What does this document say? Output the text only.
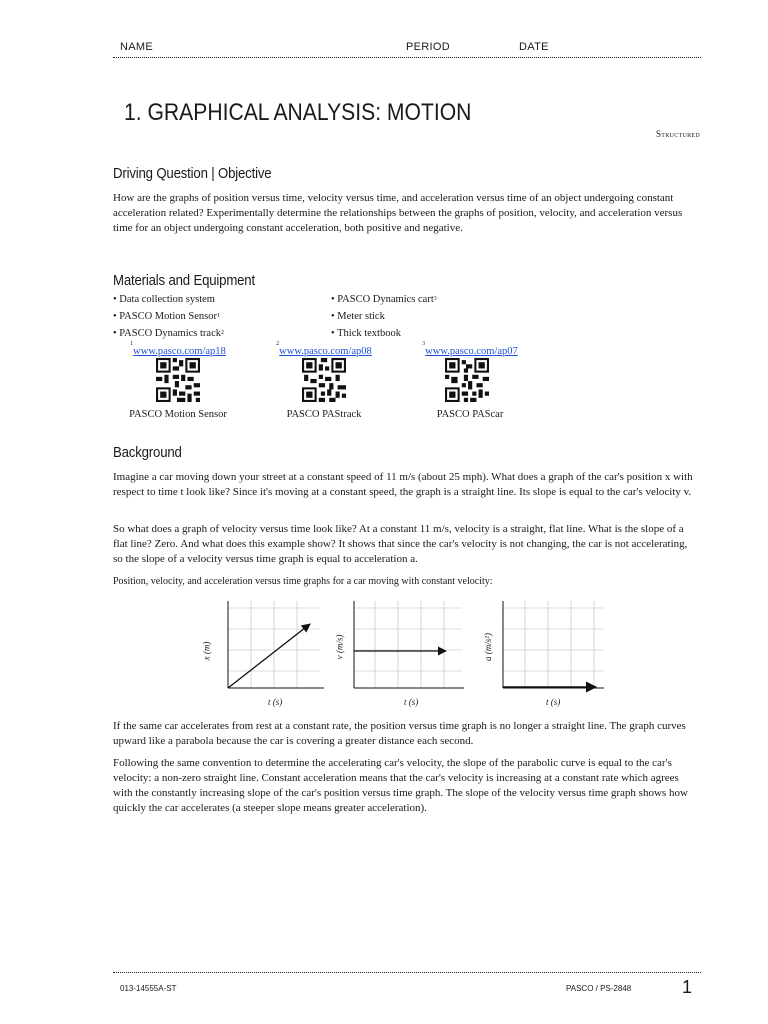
NAME	PERIOD	DATE
1. GRAPHICAL ANALYSIS: MOTION
Structured
Driving Question | Objective
How are the graphs of position versus time, velocity versus time, and acceleration versus time of an object undergoing constant acceleration related? Experimentally determine the relationships between the graphs of position, velocity, and acceleration versus time for an object undergoing constant acceleration, both positive and negative.
Materials and Equipment
• Data collection system
• PASCO Motion Sensor$^1$
• PASCO Dynamics track$^2$
• PASCO Dynamics cart$^3$
• Meter stick
• Thick textbook
$^1$www.pasco.com/ap18
$^2$www.pasco.com/ap08
$^3$www.pasco.com/ap07
PASCO Motion Sensor	PASCO PAStrack	PASCO PAScar
Background
Imagine a car moving down your street at a constant speed of 11 m/s (about 25 mph). What does a graph of the car's position x with respect to time t look like? Since it's moving at a constant speed, the graph is a straight line. Its slope is equal to the car's velocity v.
So what does a graph of velocity versus time look like? At a constant 11 m/s, velocity is a straight, flat line. What is the slope of a flat line? Zero. And what does this example show? It shows that since the car's velocity is not changing, the car is not accelerating, so the slope of a velocity versus time graph is equal to acceleration a.
Position, velocity, and acceleration versus time graphs for a car moving with constant velocity:
x (m)
t (s)
v (m/s)
t (s)
a (m/s²)
t (s)
If the same car accelerates from rest at a constant rate, the position versus time graph is no longer a straight line. The graph curves upward like a parabola because the car is covering a greater distance each second.
Following the same convention to determine the accelerating car's velocity, the slope of the parabolic curve is equal to the car's velocity: a non-zero straight line. Constant acceleration means that the car's velocity is increasing at a constant rate which agrees with the constantly increasing slope of the car's position versus time graph. The slope of the velocity versus time graph shows how quickly the car accelerates (a steeper slope means greater acceleration).
013-14555A-ST	PASCO / PS-2848	1
